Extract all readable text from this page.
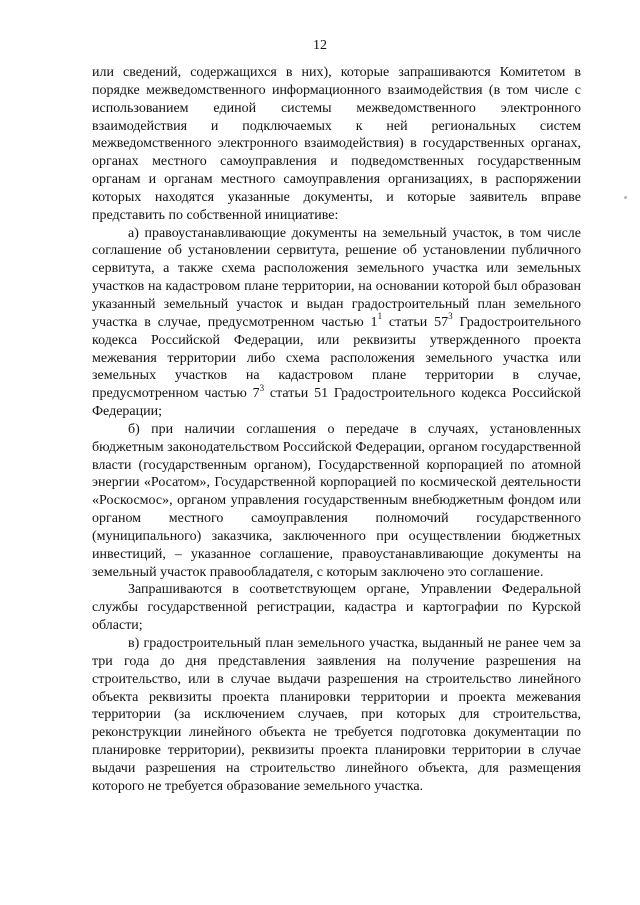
12

или сведений, содержащихся в них), которые запрашиваются Комитетом в порядке межведомственного информационного взаимодействия (в том числе с использованием единой системы межведомственного электронного взаимодействия и подключаемых к ней региональных систем межведомственного электронного взаимодействия) в государственных органах, органах местного самоуправления и подведомственных государственным органам и органам местного самоуправления организациях, в распоряжении которых находятся указанные документы, и которые заявитель вправе представить по собственной инициативе:

а) правоустанавливающие документы на земельный участок, в том числе соглашение об установлении сервитута, решение об установлении публичного сервитута, а также схема расположения земельного участка или земельных участков на кадастровом плане территории, на основании которой был образован указанный земельный участок и выдан градостроительный план земельного участка в случае, предусмотренном частью $1^1$ статьи $57^3$ Градостроительного кодекса Российской Федерации, или реквизиты утвержденного проекта межевания территории либо схема расположения земельного участка или земельных участков на кадастровом плане территории в случае, предусмотренном частью $7^3$ статьи 51 Градостроительного кодекса Российской Федерации;

б) при наличии соглашения о передаче в случаях, установленных бюджетным законодательством Российской Федерации, органом государственной власти (государственным органом), Государственной корпорацией по атомной энергии «Росатом», Государственной корпорацией по космической деятельности «Роскосмос», органом управления государственным внебюджетным фондом или органом местного самоуправления полномочий государственного (муниципального) заказчика, заключенного при осуществлении бюджетных инвестиций, – указанное соглашение, правоустанавливающие документы на земельный участок правообладателя, с которым заключено это соглашение.

Запрашиваются в соответствующем органе, Управлении Федеральной службы государственной регистрации, кадастра и картографии по Курской области;

в) градостроительный план земельного участка, выданный не ранее чем за три года до дня представления заявления на получение разрешения на строительство, или в случае выдачи разрешения на строительство линейного объекта реквизиты проекта планировки территории и проекта межевания территории (за исключением случаев, при которых для строительства, реконструкции линейного объекта не требуется подготовка документации по планировке территории), реквизиты проекта планировки территории в случае выдачи разрешения на строительство линейного объекта, для размещения которого не требуется образование земельного участка.
